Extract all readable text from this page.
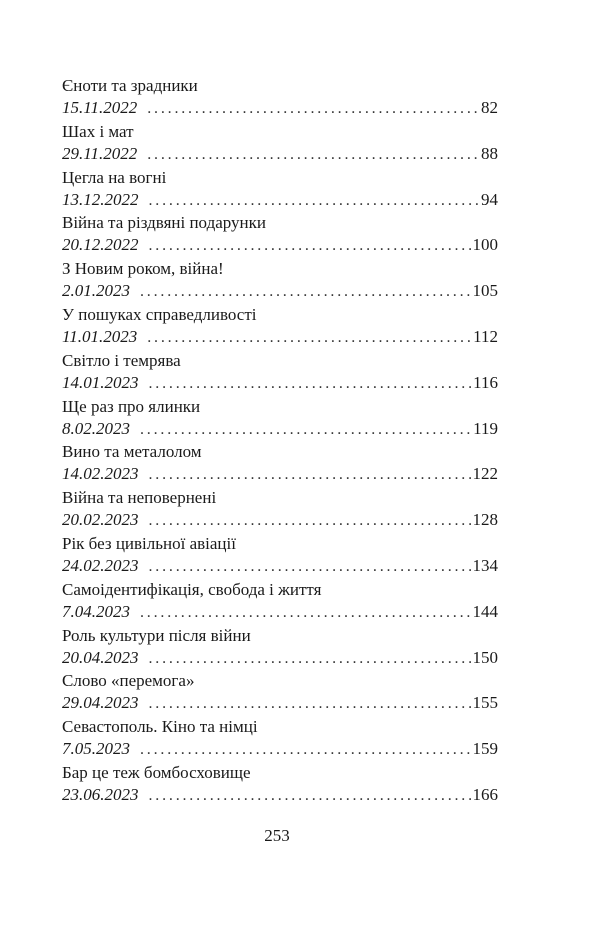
Єноти та зрадники
15.11.2022 . . .	82
Шах і мат
29.11.2022 . . .	88
Цегла на вогні
13.12.2022 . . .	94
Війна та різдвяні подарунки
20.12.2022 . . .	100
З Новим роком, війна!
2.01.2023 . . .	105
У пошуках справедливості
11.01.2023 . . .	112
Світло і темрява
14.01.2023 . . .	116
Ще раз про ялинки
8.02.2023 . . .	119
Вино та металолом
14.02.2023 . . .	122
Війна та неповернені
20.02.2023 . . .	128
Рік без цивільної авіації
24.02.2023 . . .	134
Самоідентифікація, свобода і життя
7.04.2023 . . .	144
Роль культури після війни
20.04.2023 . . .	150
Слово «перемога»
29.04.2023 . . .	155
Севастополь. Кіно та німці
7.05.2023 . . .	159
Бар це теж бомбосховище
23.06.2023 . . .	166
253
